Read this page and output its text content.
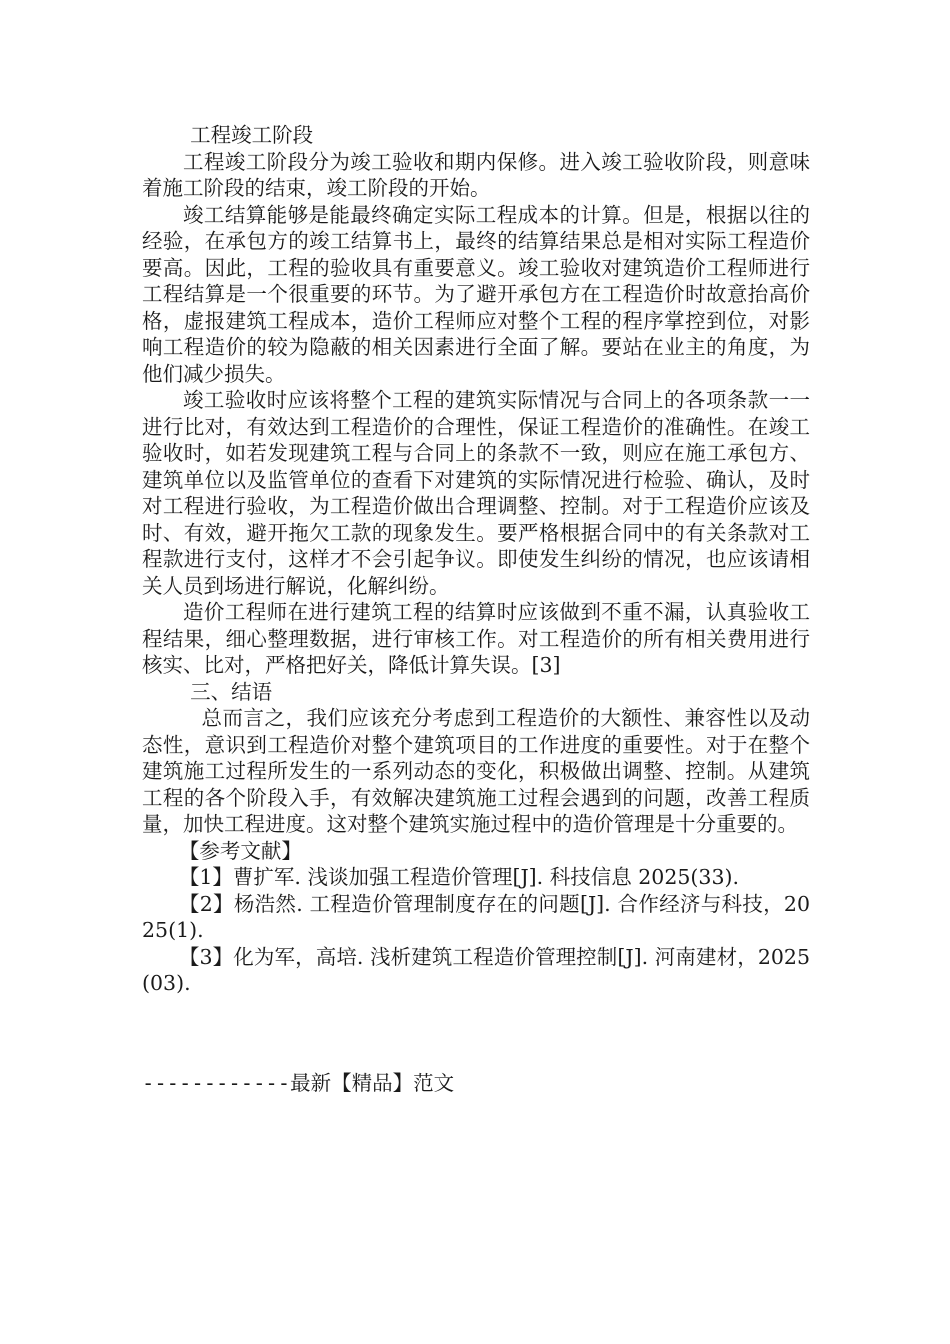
工程竣工阶段

工程竣工阶段分为竣工验收和期内保修。进入竣工验收阶段，则意味着施工阶段的结束，竣工阶段的开始。

竣工结算能够是能最终确定实际工程成本的计算。但是，根据以往的经验，在承包方的竣工结算书上，最终的结算结果总是相对实际工程造价要高。因此，工程的验收具有重要意义。竣工验收对建筑造价工程师进行工程结算是一个很重要的环节。为了避开承包方在工程造价时故意抬高价格，虚报建筑工程成本，造价工程师应对整个工程的程序掌控到位，对影响工程造价的较为隐蔽的相关因素进行全面了解。要站在业主的角度，为他们减少损失。

竣工验收时应该将整个工程的建筑实际情况与合同上的各项条款一一进行比对，有效达到工程造价的合理性，保证工程造价的准确性。在竣工验收时，如若发现建筑工程与合同上的条款不一致，则应在施工承包方、建筑单位以及监管单位的查看下对建筑的实际情况进行检验、确认，及时对工程进行验收，为工程造价做出合理调整、控制。对于工程造价应该及时、有效，避开拖欠工款的现象发生。要严格根据合同中的有关条款对工程款进行支付，这样才不会引起争议。即使发生纠纷的情况，也应该请相关人员到场进行解说，化解纠纷。

造价工程师在进行建筑工程的结算时应该做到不重不漏，认真验收工程结果，细心整理数据，进行审核工作。对工程造价的所有相关费用进行核实、比对，严格把好关，降低计算失误。[3]

三、结语

总而言之，我们应该充分考虑到工程造价的大额性、兼容性以及动态性，意识到工程造价对整个建筑项目的工作进度的重要性。对于在整个建筑施工过程所发生的一系列动态的变化，积极做出调整、控制。从建筑工程的各个阶段入手，有效解决建筑施工过程会遇到的问题，改善工程质量，加快工程进度。这对整个建筑实施过程中的造价管理是十分重要的。

【参考文献】

【1】曹扩军. 浅谈加强工程造价管理[J]. 科技信息 2025(33).

【2】杨浩然. 工程造价管理制度存在的问题[J]. 合作经济与科技，2025(1).

【3】化为军，高培. 浅析建筑工程造价管理控制[J]. 河南建材，2025(03).

------------最新【精品】范文
